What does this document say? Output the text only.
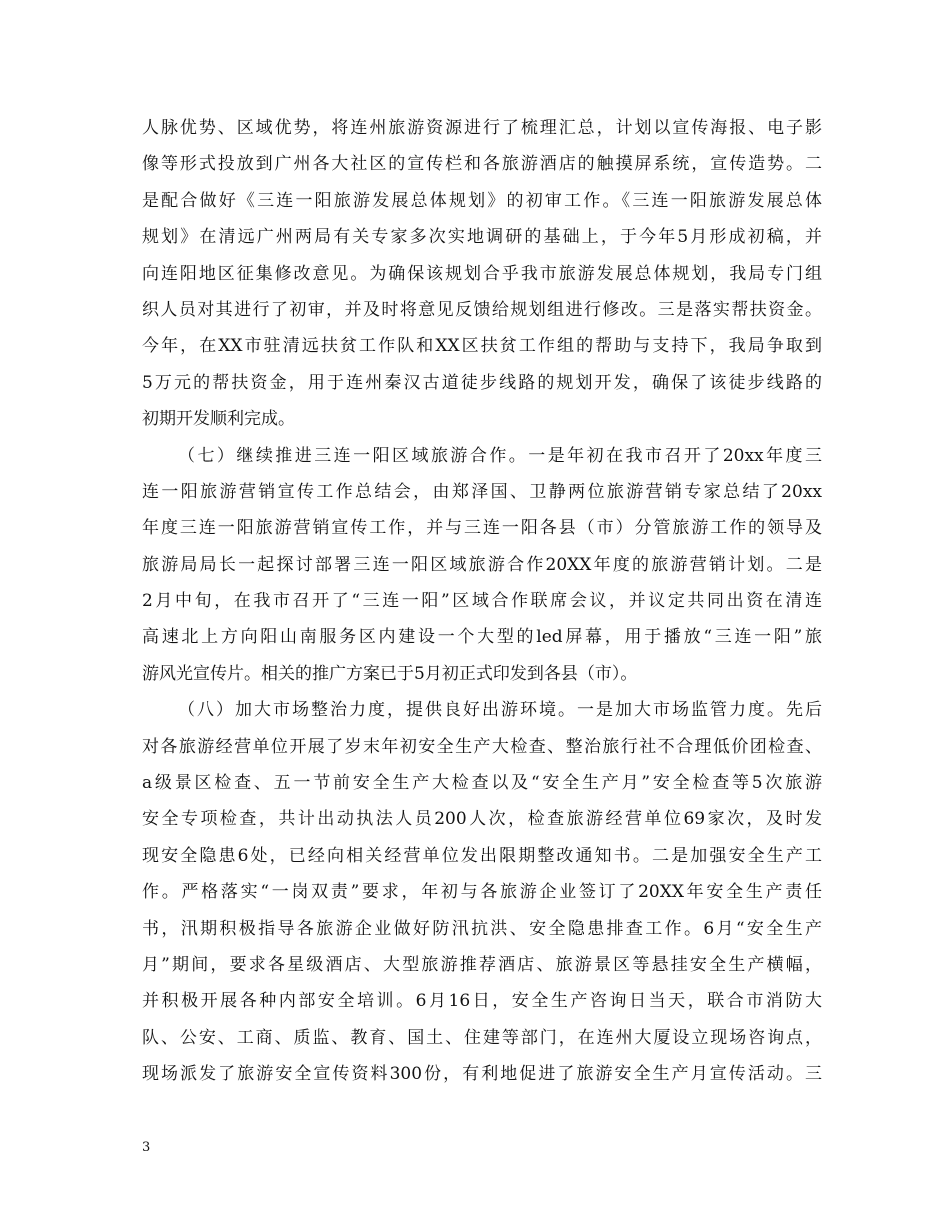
人脉优势、区域优势，将连州旅游资源进行了梳理汇总，计划以宣传海报、电子影
像等形式投放到广州各大社区的宣传栏和各旅游酒店的触摸屏系统，宣传造势。二
是配合做好《三连一阳旅游发展总体规划》的初审工作。《三连一阳旅游发展总体
规划》在清远广州两局有关专家多次实地调研的基础上，于今年5月形成初稿，并
向连阳地区征集修改意见。为确保该规划合乎我市旅游发展总体规划，我局专门组
织人员对其进行了初审，并及时将意见反馈给规划组进行修改。三是落实帮扶资金。
今年，在XX市驻清远扶贫工作队和XX区扶贫工作组的帮助与支持下，我局争取到
5万元的帮扶资金，用于连州秦汉古道徒步线路的规划开发，确保了该徒步线路的
初期开发顺利完成。
（七）继续推进三连一阳区域旅游合作。一是年初在我市召开了20xx年度三
连一阳旅游营销宣传工作总结会，由郑泽国、卫静两位旅游营销专家总结了20xx
年度三连一阳旅游营销宣传工作，并与三连一阳各县（市）分管旅游工作的领导及
旅游局局长一起探讨部署三连一阳区域旅游合作20XX年度的旅游营销计划。二是
2月中旬，在我市召开了“三连一阳”区域合作联席会议，并议定共同出资在清连
高速北上方向阳山南服务区内建设一个大型的led屏幕，用于播放“三连一阳”旅
游风光宣传片。相关的推广方案已于5月初正式印发到各县（市）。
（八）加大市场整治力度，提供良好出游环境。一是加大市场监管力度。先后
对各旅游经营单位开展了岁末年初安全生产大检查、整治旅行社不合理低价团检查、
a级景区检查、五一节前安全生产大检查以及“安全生产月”安全检查等5次旅游
安全专项检查，共计出动执法人员200人次，检查旅游经营单位69家次，及时发
现安全隐患6处，已经向相关经营单位发出限期整改通知书。二是加强安全生产工
作。严格落实“一岗双责”要求，年初与各旅游企业签订了20XX年安全生产责任
书，汛期积极指导各旅游企业做好防汛抗洪、安全隐患排查工作。6月“安全生产
月”期间，要求各星级酒店、大型旅游推荐酒店、旅游景区等悬挂安全生产横幅，
并积极开展各种内部安全培训。6月16日，安全生产咨询日当天，联合市消防大
队、公安、工商、质监、教育、国土、住建等部门，在连州大厦设立现场咨询点，
现场派发了旅游安全宣传资料300份，有利地促进了旅游安全生产月宣传活动。三
3
